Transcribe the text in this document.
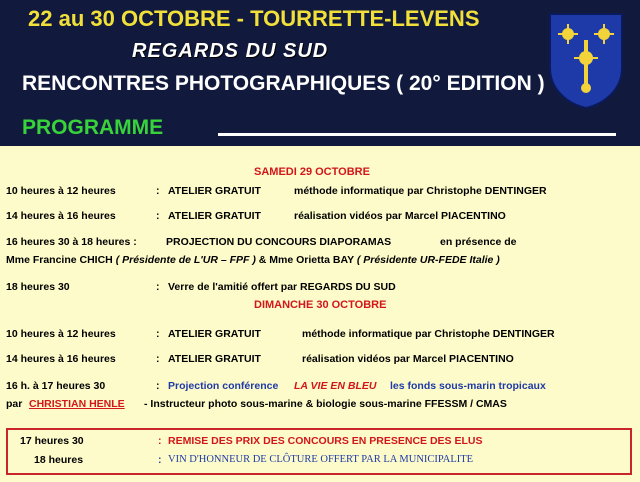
22 au 30 OCTOBRE - TOURRETTE-LEVENS
REGARDS DU SUD
RENCONTRES PHOTOGRAPHIQUES ( 20° EDITION )
PROGRAMME
SAMEDI 29 OCTOBRE
10 heures à 12 heures	: ATELIER GRATUIT	méthode informatique par Christophe DENTINGER
14 heures à 16 heures	: ATELIER GRATUIT	réalisation vidéos par Marcel PIACENTINO
16 heures 30 à 18 heures :	PROJECTION DU CONCOURS DIAPORAMAS	en présence de
Mme Francine CHICH ( Présidente de L'UR – FPF ) & Mme Orietta BAY ( Présidente UR-FEDE Italie )
18 heures 30	: Verre de l'amitié offert par REGARDS DU SUD
DIMANCHE 30 OCTOBRE
10 heures à 12 heures	: ATELIER GRATUIT	méthode informatique par Christophe DENTINGER
14 heures à 16 heures	: ATELIER GRATUIT	réalisation vidéos par Marcel PIACENTINO
16 h. à 17 heures 30	: Projection conférence LA VIE EN BLEU les fonds sous-marin tropicaux
par CHRISTIAN HENLE - Instructeur photo sous-marine & biologie sous-marine FFESSM / CMAS
17 heures 30	: REMISE DES PRIX DES CONCOURS EN PRESENCE DES ELUS
18 heures	: VIN D'HONNEUR DE CLÔTURE OFFERT PAR LA MUNICIPALITE
